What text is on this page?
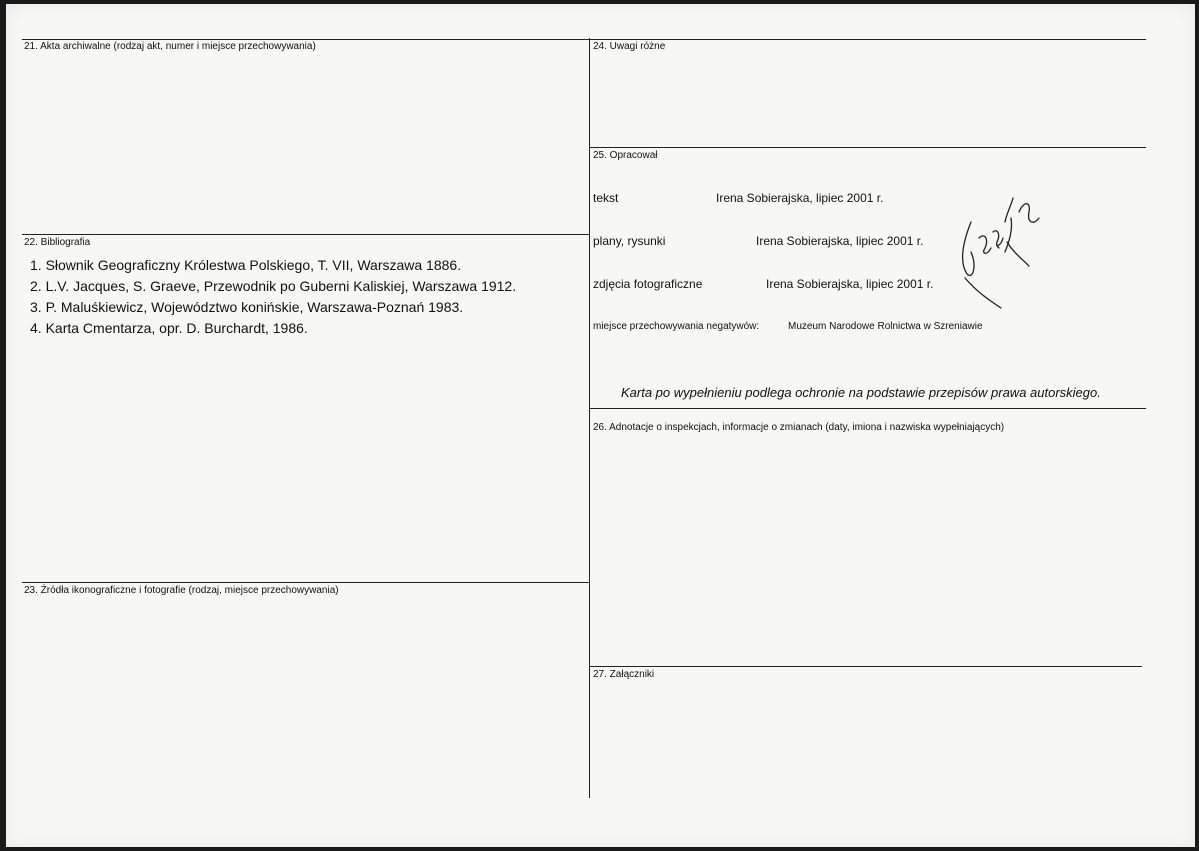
21. Akta archiwalne (rodzaj akt, numer i miejsce przechowywania)
22. Bibliografia
1. Słownik Geograficzny Królestwa Polskiego, T. VII, Warszawa 1886.
2. L.V. Jacques, S. Graeve, Przewodnik po Guberni Kaliskiej, Warszawa 1912.
3. P. Maluśkiewicz, Województwo konińskie, Warszawa-Poznań 1983.
4. Karta Cmentarza, opr. D. Burchardt, 1986.
23. Źródła ikonograficzne i fotografie (rodzaj, miejsce przechowywania)
24. Uwagi różne
25. Opracował
tekst	Irena Sobierajska, lipiec 2001 r.
plany, rysunki	Irena Sobierajska, lipiec 2001 r.
zdjęcia fotograficzne	Irena Sobierajska, lipiec 2001 r.
miejsce przechowywania negatywów:	Muzeum Narodowe Rolnictwa w Szreniawie
Karta po wypełnieniu podlega ochronie na podstawie przepisów prawa autorskiego.
26. Adnotacje o inspekcjach, informacje o zmianach (daty, imiona i nazwiska wypełniających)
27. Załączniki
